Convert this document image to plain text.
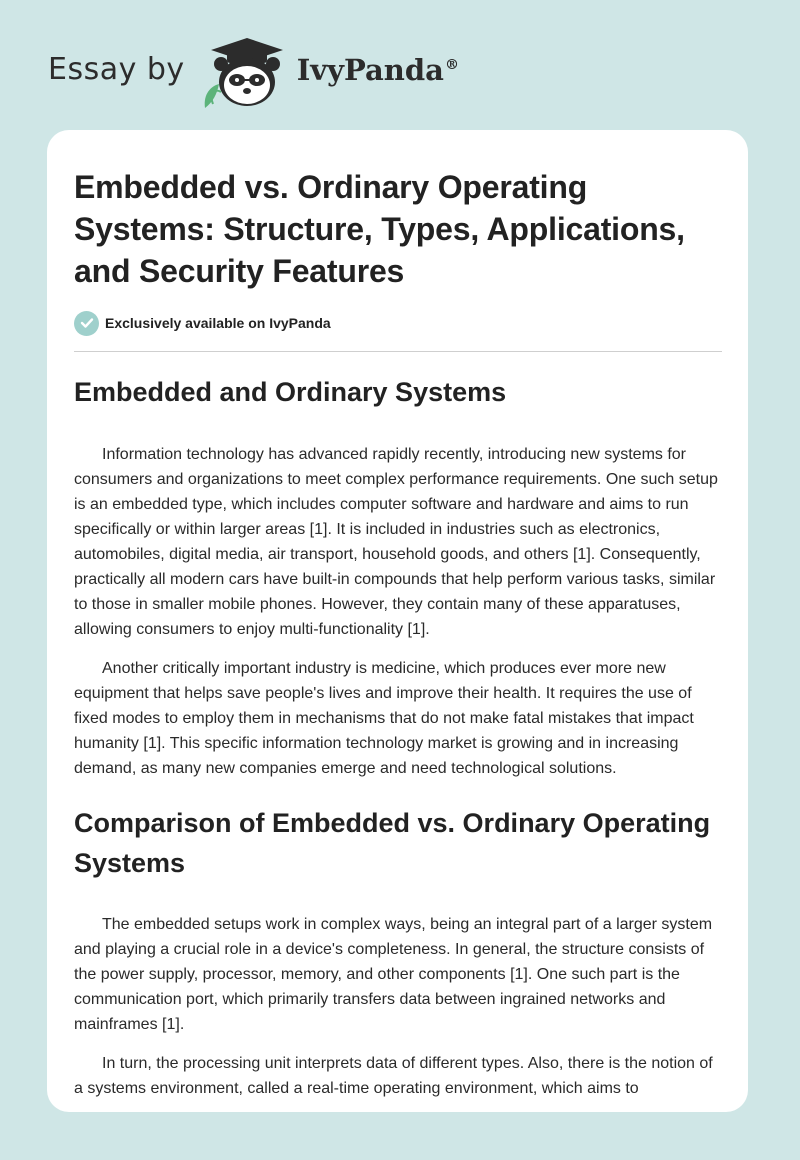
Essay by	IvyPanda®
Embedded vs. Ordinary Operating Systems: Structure, Types, Applications, and Security Features
Exclusively available on IvyPanda
Embedded and Ordinary Systems

Information technology has advanced rapidly recently, introducing new systems for consumers and organizations to meet complex performance requirements. One such setup is an embedded type, which includes computer software and hardware and aims to run specifically or within larger areas [1]. It is included in industries such as electronics, automobiles, digital media, air transport, household goods, and others [1]. Consequently, practically all modern cars have built-in compounds that help perform various tasks, similar to those in smaller mobile phones. However, they contain many of these apparatuses, allowing consumers to enjoy multi-functionality [1].

Another critically important industry is medicine, which produces ever more new equipment that helps save people's lives and improve their health. It requires the use of fixed modes to employ them in mechanisms that do not make fatal mistakes that impact humanity [1]. This specific information technology market is growing and in increasing demand, as many new companies emerge and need technological solutions.

Comparison of Embedded vs. Ordinary Operating Systems

The embedded setups work in complex ways, being an integral part of a larger system and playing a crucial role in a device's completeness. In general, the structure consists of the power supply, processor, memory, and other components [1]. One such part is the communication port, which primarily transfers data between ingrained networks and mainframes [1].

In turn, the processing unit interprets data of different types. Also, there is the notion of a systems environment, called a real-time operating environment, which aims to
